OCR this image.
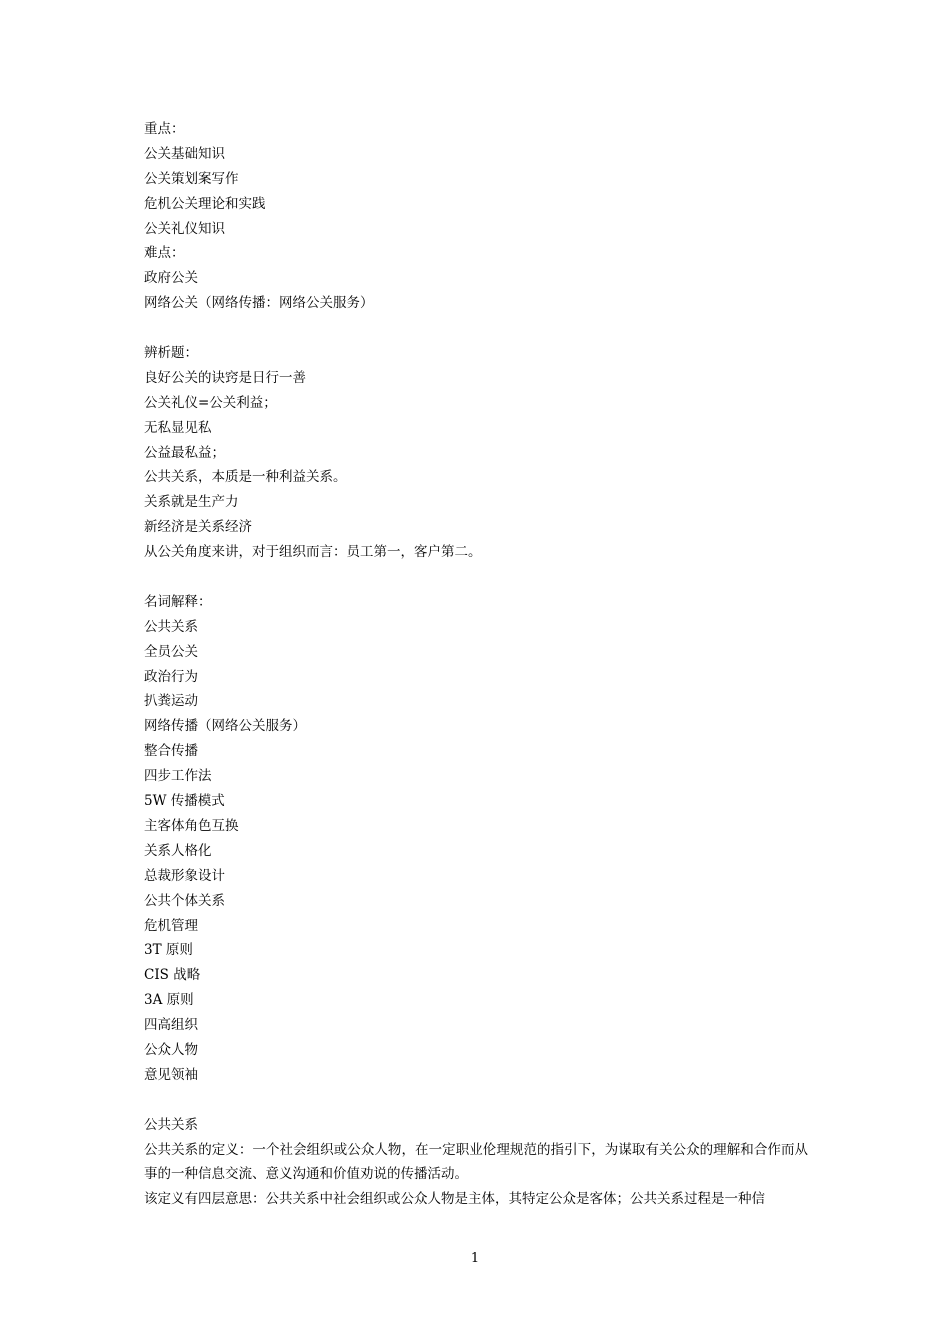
重点：
公关基础知识
公关策划案写作
危机公关理论和实践
公关礼仪知识
难点：
政府公关
网络公关（网络传播：网络公关服务）
辨析题：
良好公关的诀窍是日行一善
公关礼仪=公关利益；
无私显见私
公益最私益；
公共关系，本质是一种利益关系。
关系就是生产力
新经济是关系经济
从公关角度来讲，对于组织而言：员工第一，客户第二。
名词解释：
公共关系
全员公关
政治行为
扒粪运动
网络传播（网络公关服务）
整合传播
四步工作法
5W 传播模式
主客体角色互换
关系人格化
总裁形象设计
公共个体关系
危机管理
3T 原则
CIS 战略
3A 原则
四高组织
公众人物
意见领袖
公共关系
公共关系的定义：一个社会组织或公众人物，在一定职业伦理规范的指引下，为谋取有关公众的理解和合作而从事的一种信息交流、意义沟通和价值劝说的传播活动。
该定义有四层意思：公共关系中社会组织或公众人物是主体，其特定公众是客体；公共关系过程是一种信
1
